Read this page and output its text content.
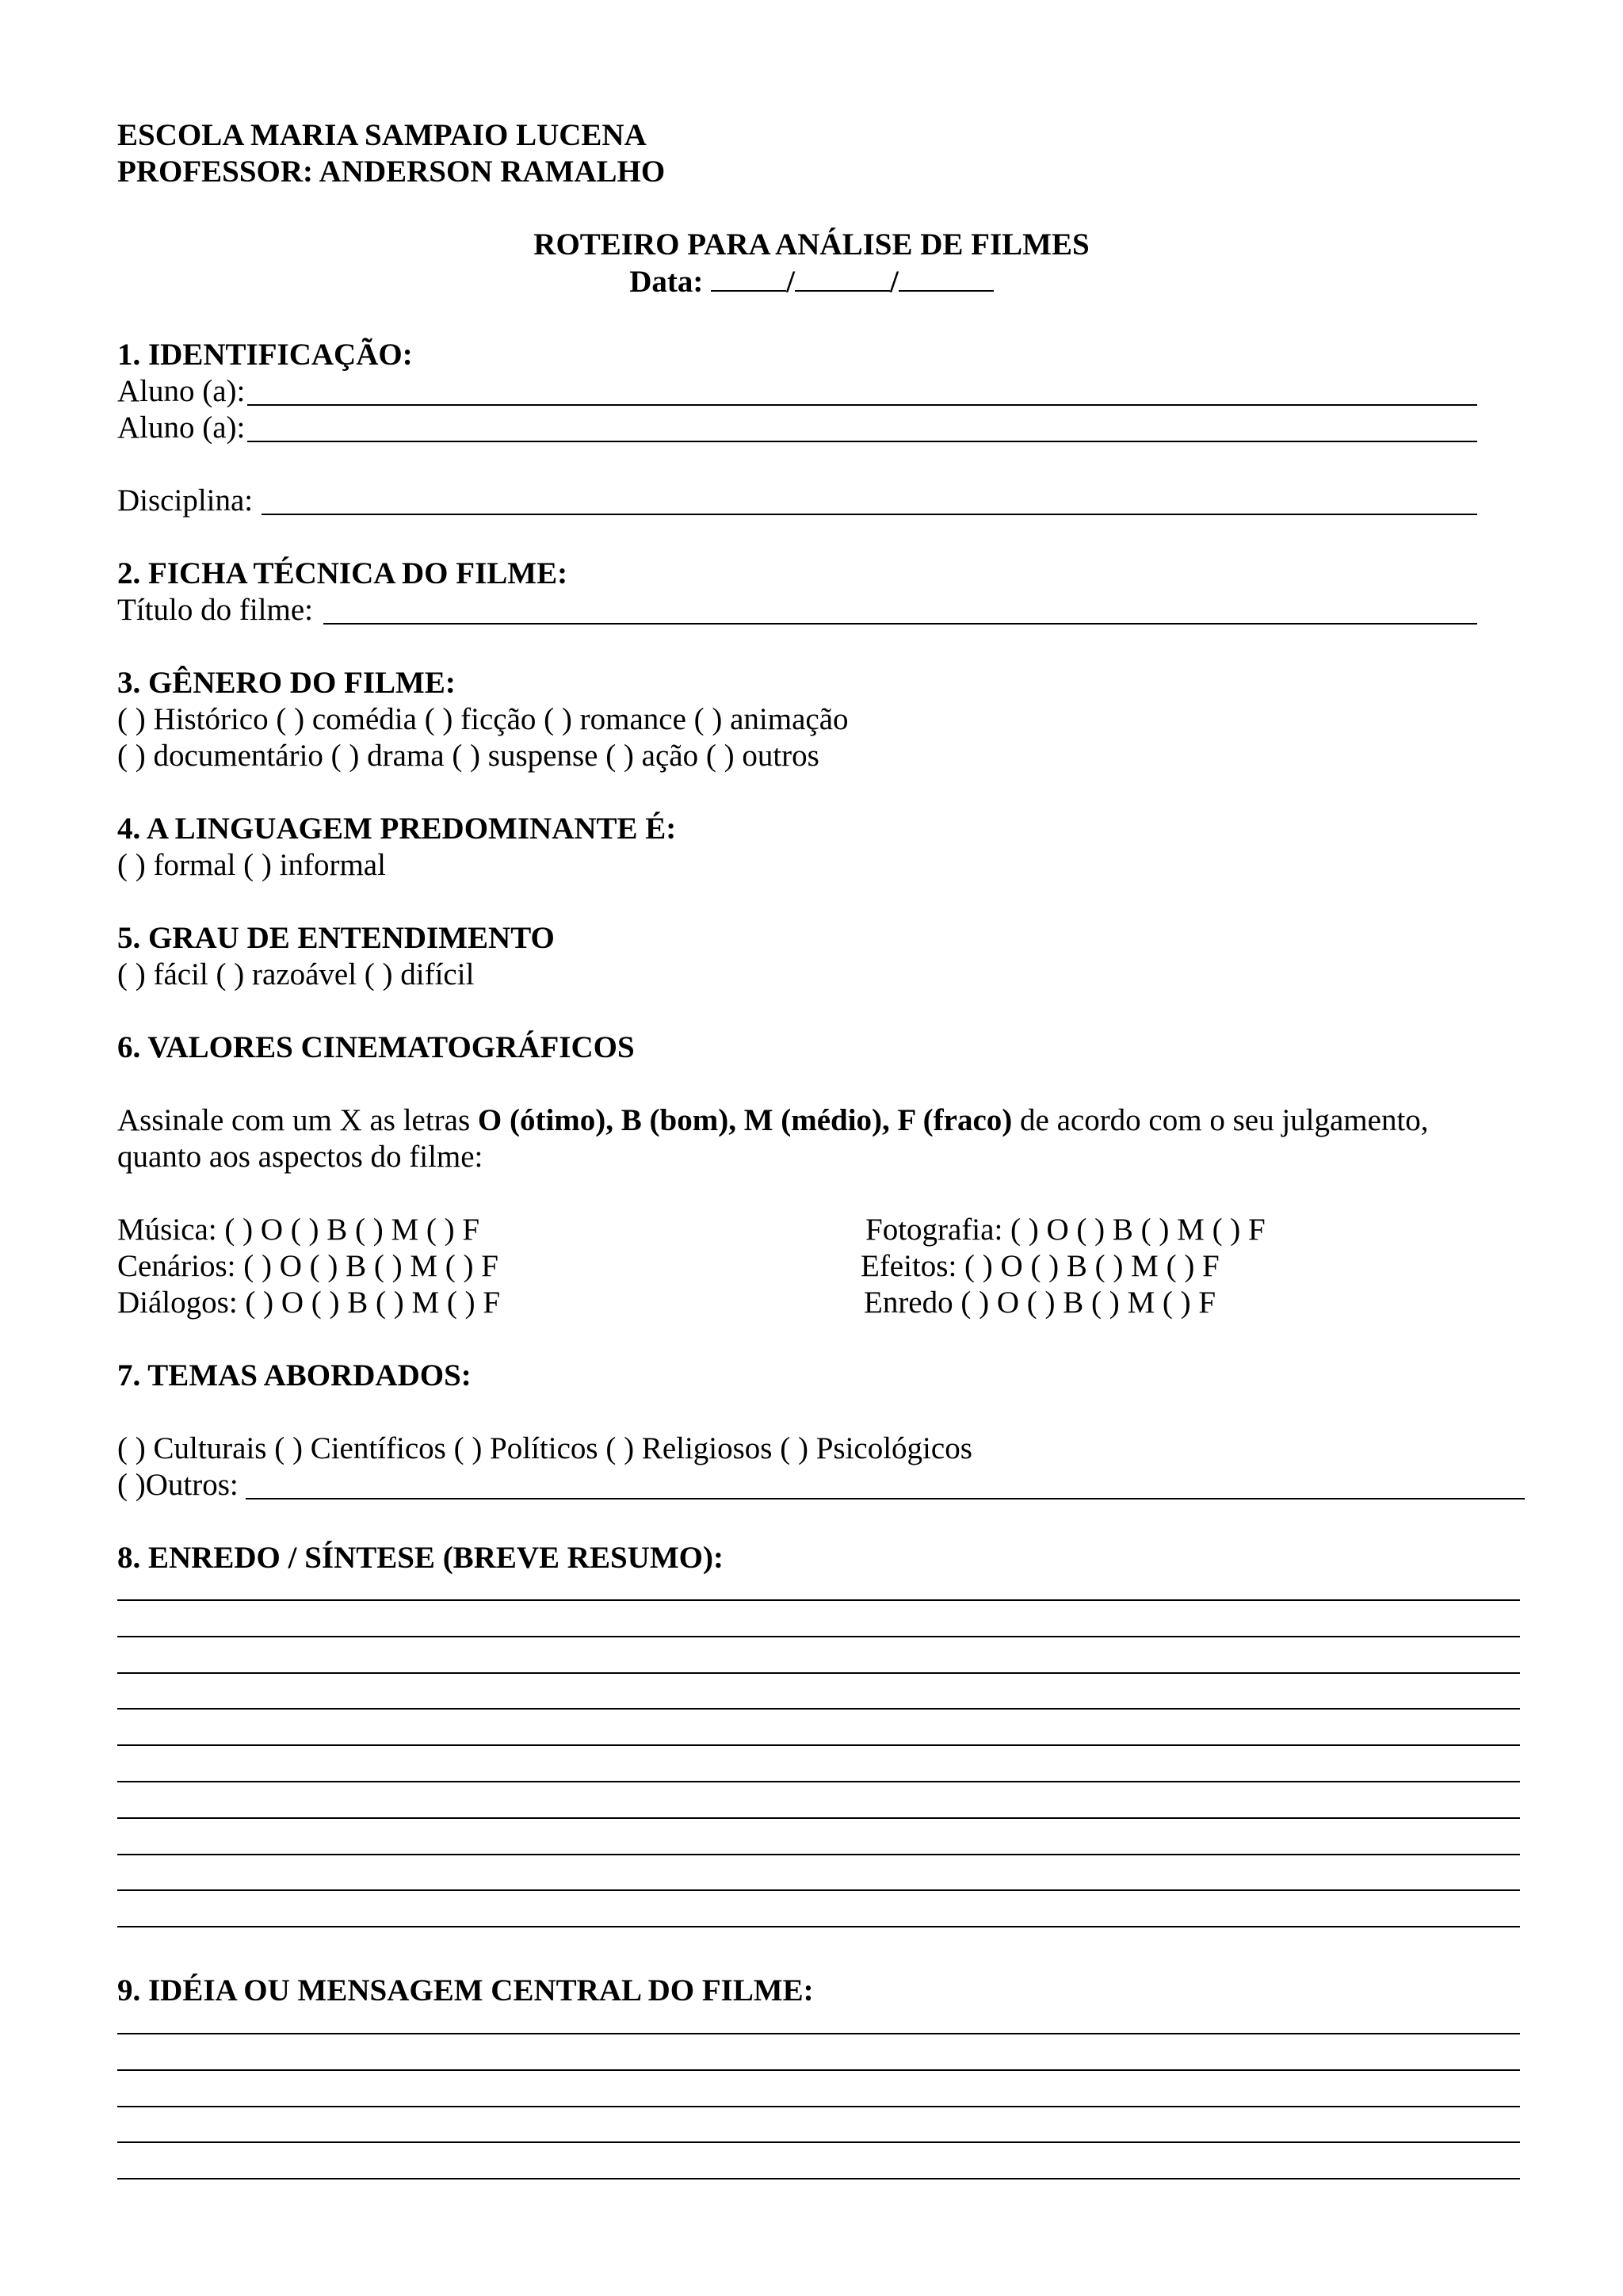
ESCOLA MARIA SAMPAIO LUCENA
PROFESSOR: ANDERSON RAMALHO
ROTEIRO PARA ANÁLISE DE FILMES
Data:	/	/
1. IDENTIFICAÇÃO:
Aluno (a):
Aluno (a):
Disciplina:
2. FICHA TÉCNICA DO FILME:
Título do filme:
3. GÊNERO DO FILME:
( ) Histórico ( ) comédia ( ) ficção ( ) romance ( ) animação
( ) documentário ( ) drama ( ) suspense ( ) ação ( ) outros
4. A LINGUAGEM PREDOMINANTE É:
( ) formal ( ) informal
5. GRAU DE ENTENDIMENTO
( ) fácil ( ) razoável ( ) difícil
6. VALORES CINEMATOGRÁFICOS
Assinale com um X as letras O (ótimo), B (bom), M (médio), F (fraco) de acordo com o seu julgamento,
quanto aos aspectos do filme:
Música: ( ) O ( ) B ( ) M ( ) F
Cenários: ( ) O ( ) B ( ) M ( ) F
Diálogos: ( ) O ( ) B ( ) M ( ) F
Fotografia: ( ) O ( ) B ( ) M ( ) F
Efeitos: ( ) O ( ) B ( ) M ( ) F
Enredo ( ) O ( ) B ( ) M ( ) F
7. TEMAS ABORDADOS:
( ) Culturais ( ) Científicos ( ) Políticos ( ) Religiosos ( ) Psicológicos
( )Outros:
8. ENREDO / SÍNTESE (BREVE RESUMO):
9. IDÉIA OU MENSAGEM CENTRAL DO FILME:
